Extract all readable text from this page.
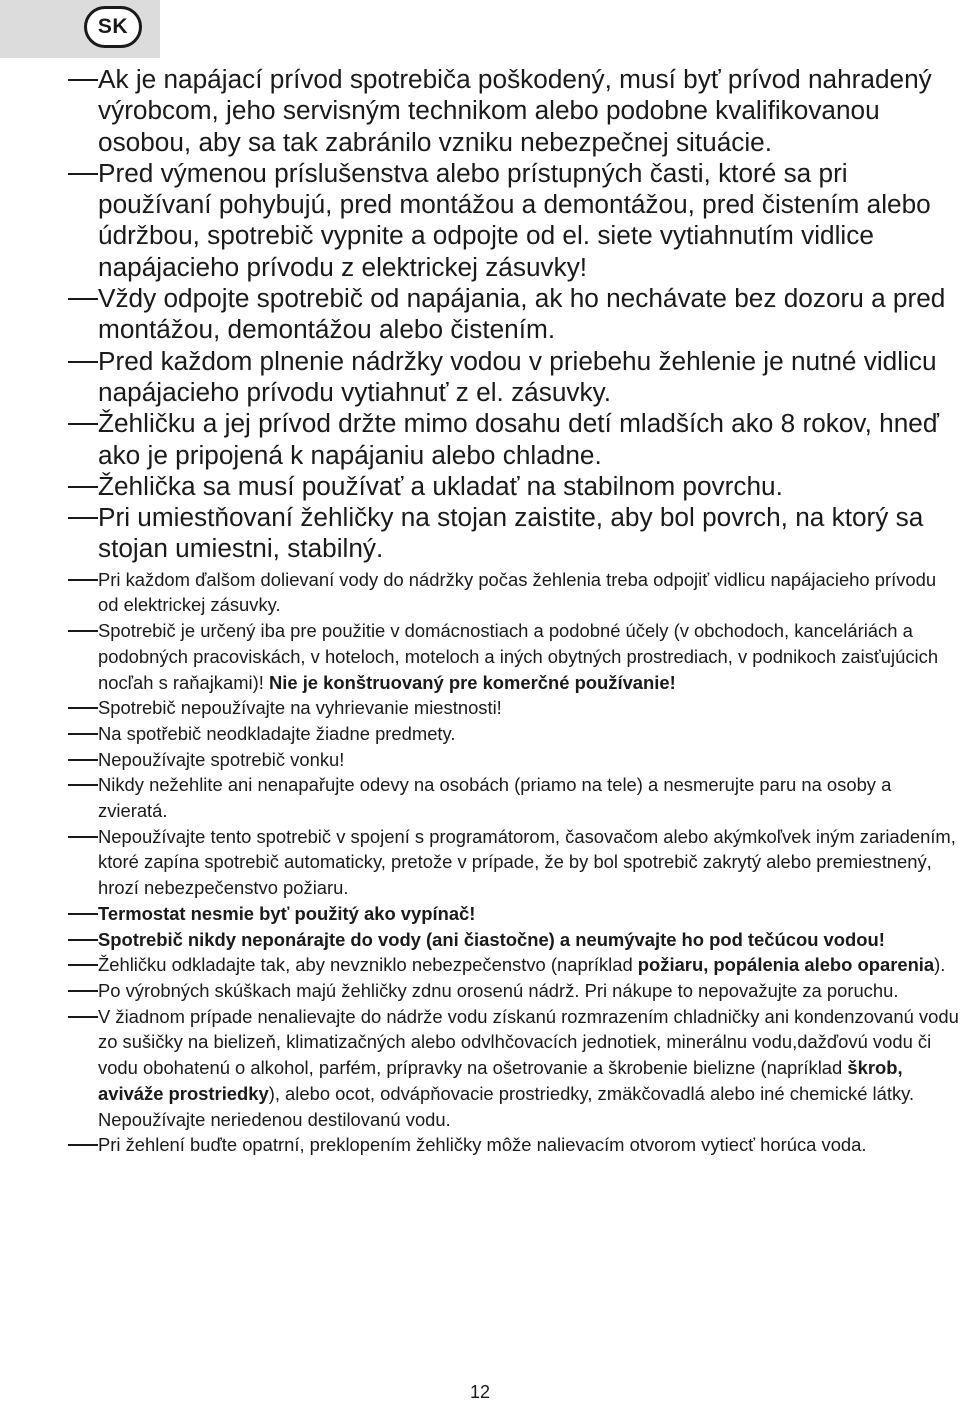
SK
Ak je napájací prívod spotrebiča poškodený, musí byť prívod nahradený výrobcom, jeho servisným technikom alebo podobne kvalifikovanou osobou, aby sa tak zabránilo vzniku nebezpečnej situácie.
Pred výmenou príslušenstva alebo prístupných časti, ktoré sa pri používaní pohybujú, pred montážou a demontážou, pred čistením alebo údržbou, spotrebič vypnite a odpojte od el. siete vytiahnutím vidlice napájacieho prívodu z elektrickej zásuvky!
Vždy odpojte spotrebič od napájania, ak ho nechávate bez dozoru a pred montážou, demontážou alebo čistením.
Pred každom plnenie nádržky vodou v priebehu žehlenie je nutné vidlicu napájacieho prívodu vytiahnuť z el. zásuvky.
Žehličku a jej prívod držte mimo dosahu detí mladších ako 8 rokov, hneď ako je pripojená k napájaniu alebo chladne.
Žehlička sa musí používať a ukladať na stabilnom povrchu.
Pri umiestňovaní žehličky na stojan zaistite, aby bol povrch, na ktorý sa stojan umiestni, stabilný.
Pri každom ďalšom dolievaní vody do nádržky počas žehlenia treba odpojiť vidlicu napájacieho prívodu od elektrickej zásuvky.
Spotrebič je určený iba pre použitie v domácnostiach a podobné účely (v obchodoch, kanceláriách a podobných pracoviskách, v hoteloch, moteloch a iných obytných prostrediach, v podnikoch zaisťujúcich nocľah s raňajkami)! Nie je konštruovaný pre komerčné používanie!
Spotrebič nepoužívajte na vyhrievanie miestnosti!
Na spotřebič neodkladajte žiadne predmety.
Nepoužívajte spotrebič vonku!
Nikdy nežehlite ani nenapařujte odevy na osobách (priamo na tele) a nesmerujte paru na osoby a zvieratá.
Nepoužívajte tento spotrebič v spojení s programátorom, časovačom alebo akýmkoľvek iným zariadením, ktoré zapína spotrebič automaticky, pretože v prípade, že by bol spotrebič zakrytý alebo premiestnený, hrozí nebezpečenstvo požiaru.
Termostat nesmie byť použitý ako vypínač!
Spotrebič nikdy neponárajte do vody (ani čiastočne) a neumývajte ho pod tečúcou vodou!
Žehličku odkladajte tak, aby nevzniklo nebezpečenstvo (napríklad požiaru, popálenia alebo oparenia).
Po výrobných skúškach majú žehličky zdnu orosenú nádrž. Pri nákupe to nepovažujte za poruchu.
V žiadnom prípade nenalievajte do nádrže vodu získanú rozmrazením chladničky ani kondenzovanú vodu zo sušičky na bielizeň, klimatizačných alebo odvlhčovacích jednotiek, minerálnu vodu,dažďovú vodu či vodu obohatenú o alkohol, parfém, prípravky na ošetrovanie a škrobenie bielizne (napríklad škrob, aviváže prostriedky), alebo ocot, odvápňovacie prostriedky, zmäkčovadlá alebo iné chemické látky. Nepoužívajte neriedenou destilovanú vodu.
Pri žehlení buďte opatrní, preklopením žehličky môže nalievacím otvorom vytiecť horúca voda.
12
